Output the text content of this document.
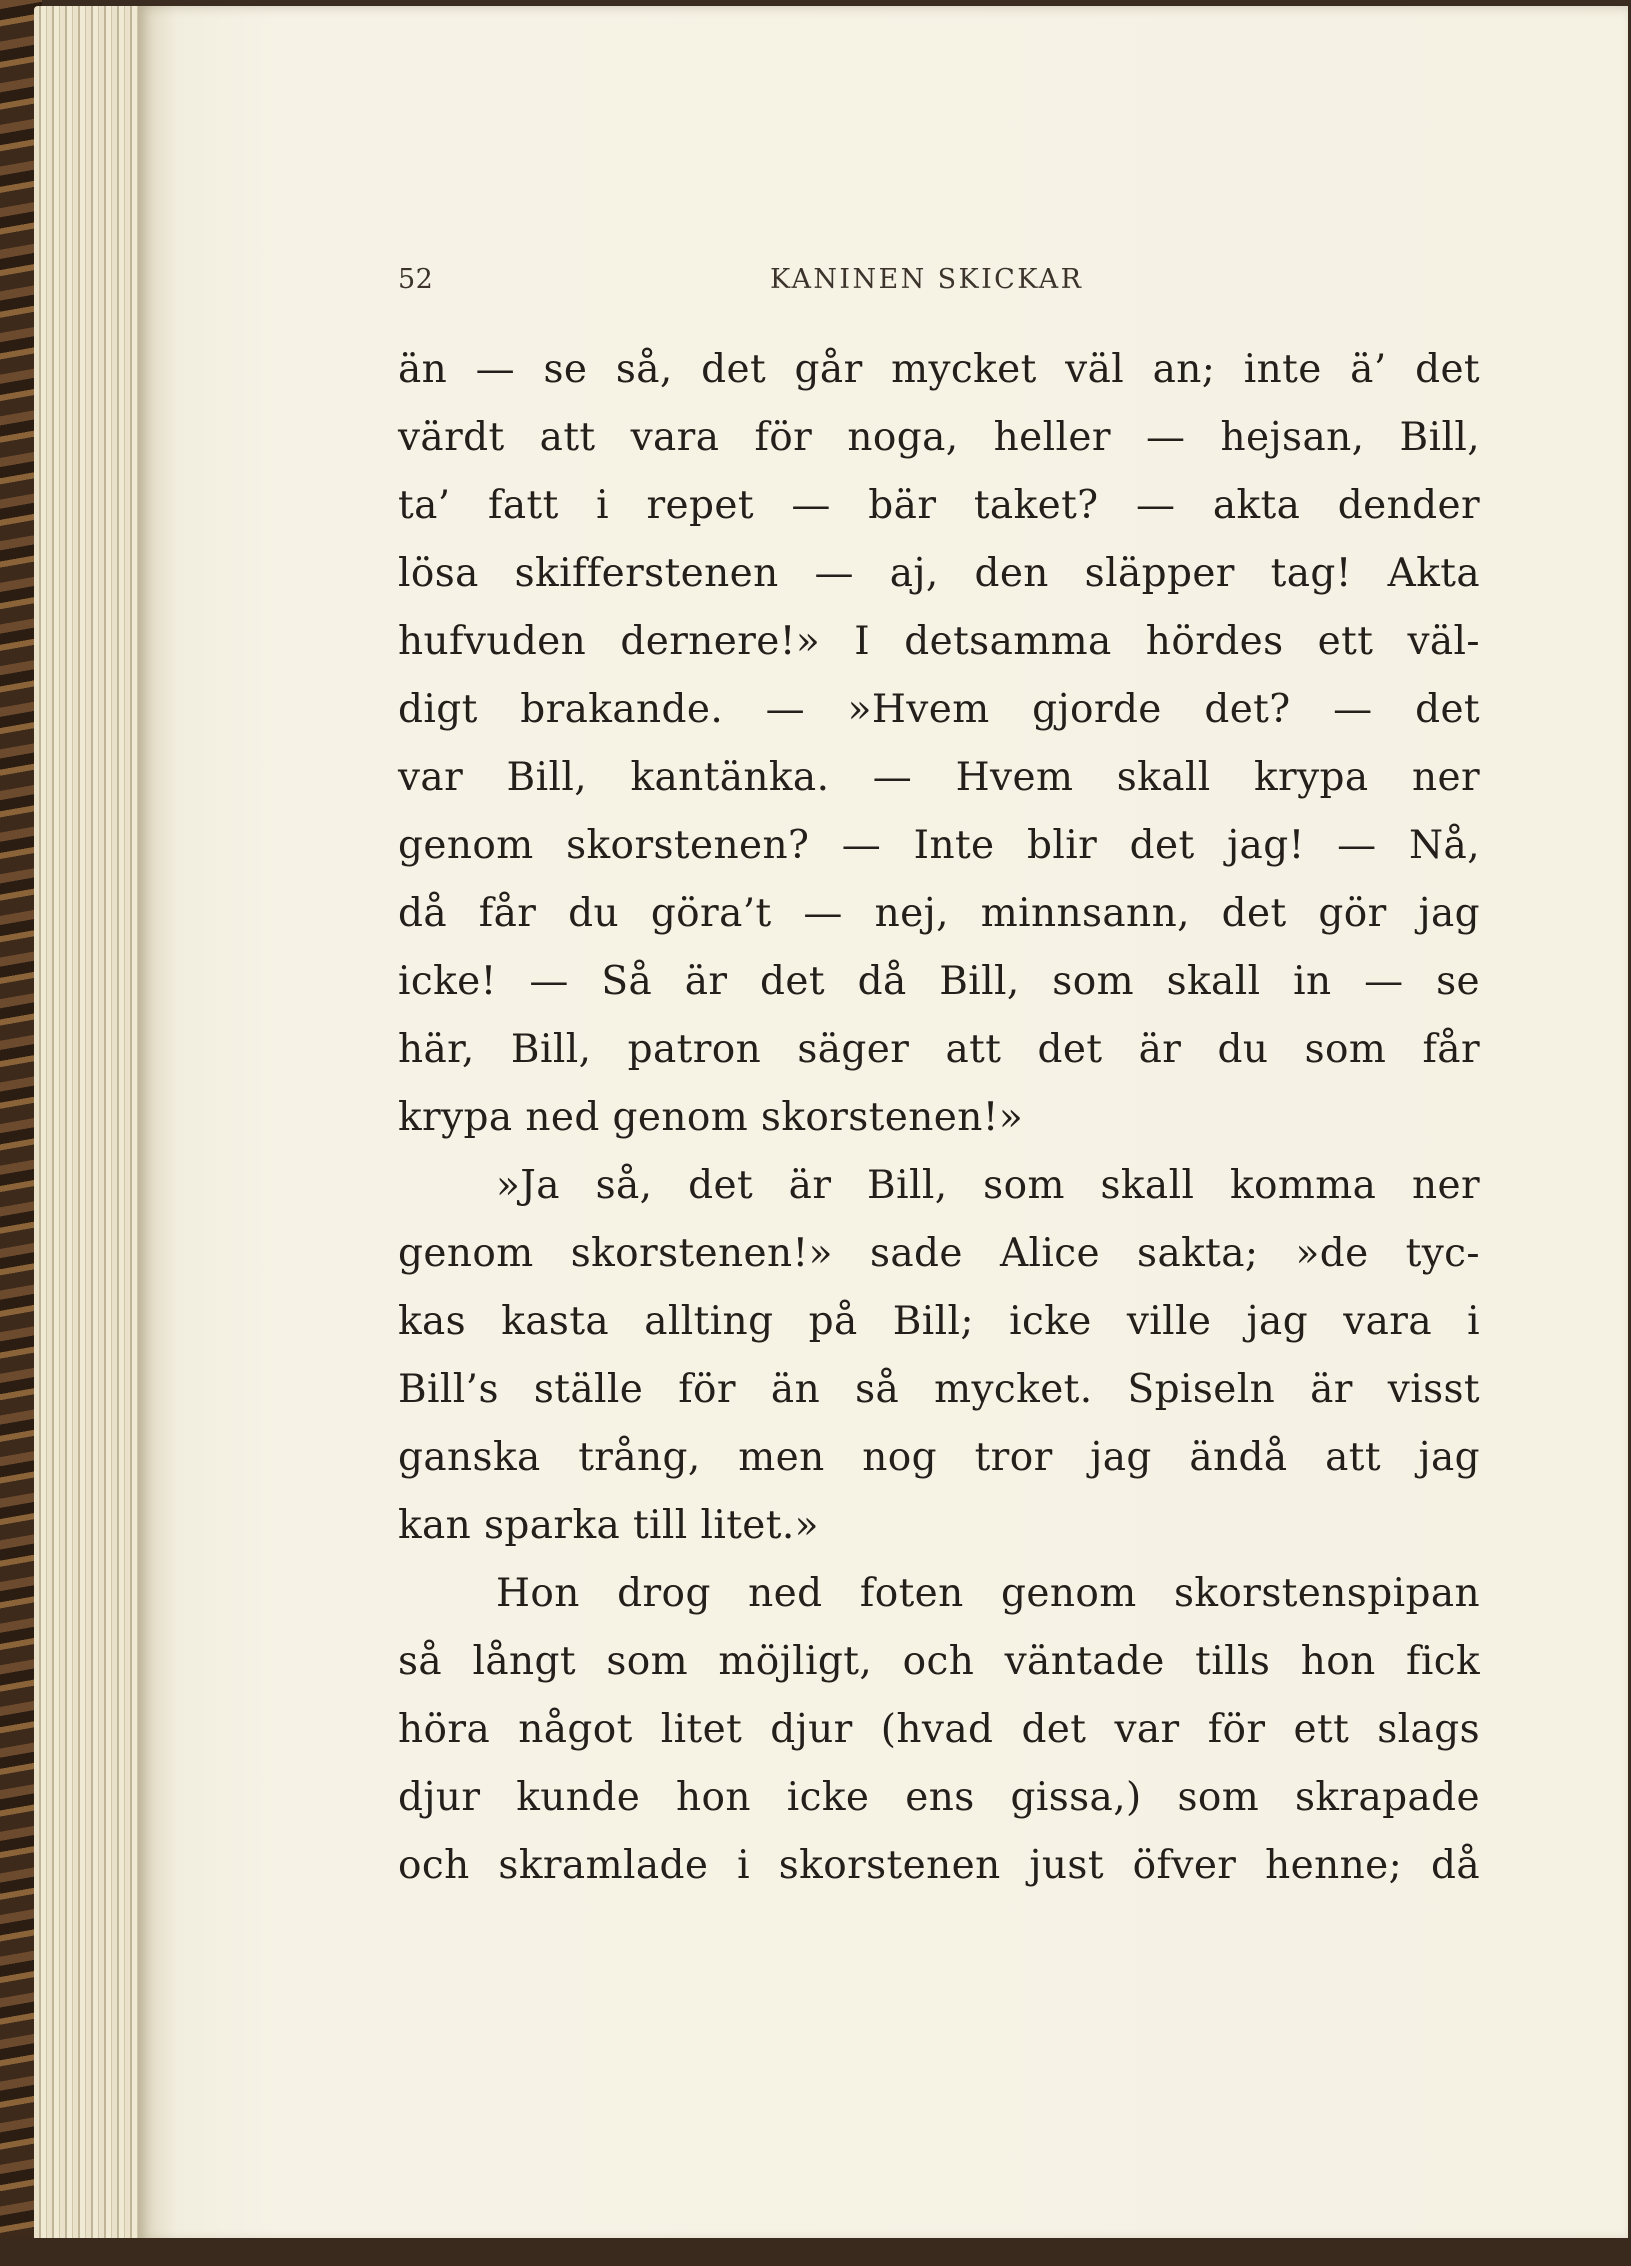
52	KANINEN SKICKAR
än — se så, det går mycket väl an; inte ä’ det
värdt att vara för noga, heller — hejsan, Bill,
ta’ fatt i repet — bär taket? — akta dender
lösa skifferstenen — aj, den släpper tag! Akta
hufvuden dernere!» I detsamma hördes ett väl-
digt brakande. — »Hvem gjorde det? — det
var Bill, kantänka. — Hvem skall krypa ner
genom skorstenen? — Inte blir det jag! — Nå,
då får du göra’t — nej, minnsann, det gör jag
icke! — Så är det då Bill, som skall in — se
här, Bill, patron säger att det är du som får
krypa ned genom skorstenen!»
»Ja så, det är Bill, som skall komma ner
genom skorstenen!» sade Alice sakta; »de tyc-
kas kasta allting på Bill; icke ville jag vara i
Bill’s ställe för än så mycket. Spiseln är visst
ganska trång, men nog tror jag ändå att jag
kan sparka till litet.»
Hon drog ned foten genom skorstenspipan
så långt som möjligt, och väntade tills hon fick
höra något litet djur (hvad det var för ett slags
djur kunde hon icke ens gissa,) som skrapade
och skramlade i skorstenen just öfver henne; då
